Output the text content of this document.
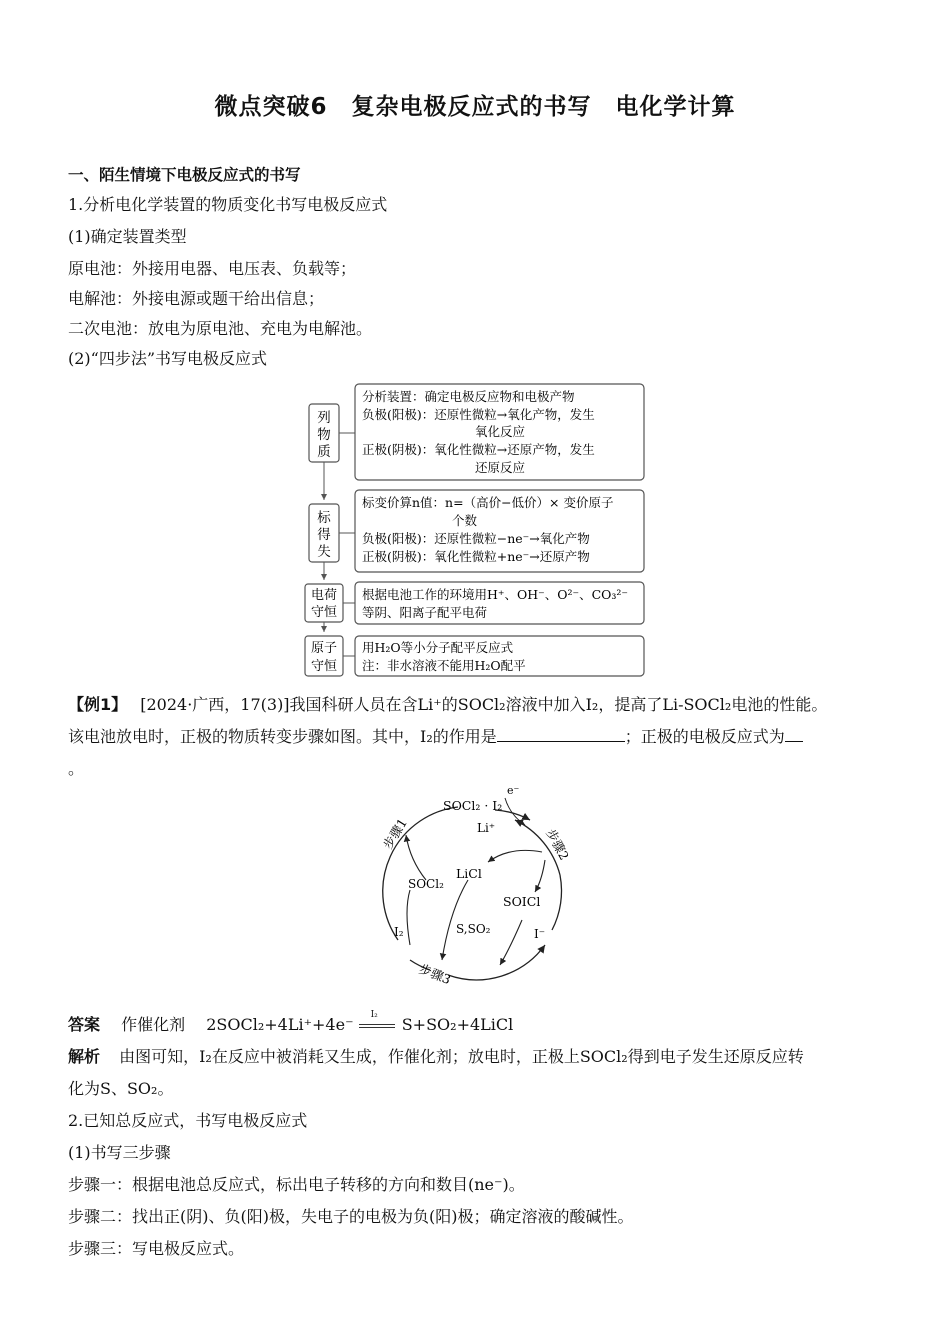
微点突破6　复杂电极反应式的书写　电化学计算
一、陌生情境下电极反应式的书写
1.分析电化学装置的物质变化书写电极反应式
(1)确定装置类型
原电池：外接用电器、电压表、负载等；
电解池：外接电源或题干给出信息；
二次电池：放电为原电池、充电为电解池。
(2)“四步法”书写电极反应式
列
物
质
标
得
失
电荷
守恒
原子
守恒
分析装置：确定电极反应物和电极产物
负极(阳极)：还原性微粒→氧化产物，发生
氧化反应
正极(阴极)：氧化性微粒→还原产物，发生
还原反应
标变价算n值：n=（高价−低价）× 变价原子
个数
负极(阳极)：还原性微粒−ne⁻→氧化产物
正极(阴极)：氧化性微粒+ne⁻→还原产物
根据电池工作的环境用H⁺、OH⁻、O²⁻、CO₃²⁻
等阴、阳离子配平电荷
用H₂O等小分子配平反应式
注：非水溶液不能用H₂O配平
【例1】 [2024·广西，17(3)]我国科研人员在含Li⁺的SOCl₂溶液中加入I₂，提高了Li-SOCl₂电池的性能。
该电池放电时，正极的物质转变步骤如图。其中，I₂的作用是	；正极的电极反应式为
。
SOCl₂ · I₂
e⁻
Li⁺
步骤1	步骤2
步骤3
SOCl₂
LiCl
SOICl
S,SO₂
I₂	I⁻
答案 作催化剂 2SOCl₂+4Li⁺+4e⁻
I₂
S+SO₂+4LiCl
解析 由图可知，I₂在反应中被消耗又生成，作催化剂；放电时，正极上SOCl₂得到电子发生还原反应转
化为S、SO₂。
2.已知总反应式，书写电极反应式
(1)书写三步骤
步骤一：根据电池总反应式，标出电子转移的方向和数目(ne⁻)。
步骤二：找出正(阴)、负(阳)极，失电子的电极为负(阳)极；确定溶液的酸碱性。
步骤三：写电极反应式。
